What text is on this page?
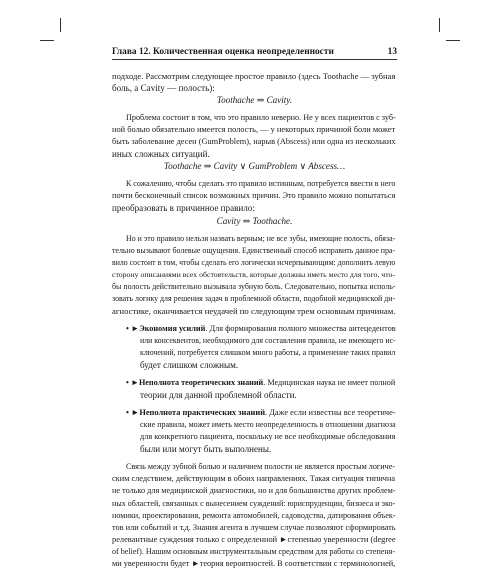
Глава 12. Количественная оценка неопределенности	13
подходе. Рассмотрим следующее простое правило (здесь Toothache — зубная
боль, а Cavity — полость):
Toothache ⇒ Cavity.
Проблема состоит в том, что это правило неверно. Не у всех пациентов с зуб-
ной болью обязательно имеется полость, — у некоторых причиной боли может
быть заболевание десен (GumProblem), нарыв (Abscess) или одна из нескольких
иных сложных ситуаций.
Toothache ⇒ Cavity ∨ GumProblem ∨ Abscess…
К сожалению, чтобы сделать это правило истинным, потребуется ввести в него
почти бесконечный список возможных причин. Это правило можно попытаться
преобразовать в причинное правило:
Cavity ⇒ Toothache.
Но и это правило нельзя назвать верным; не все зубы, имеющие полость, обяза-
тельно вызывают болевые ощущения. Единственный способ исправить данное пра-
вило состоит в том, чтобы сделать его логически исчерпывающим: дополнить левую
сторону описаниями всех обстоятельств, которые должны иметь место для того, что-
бы полость действительно вызывала зубную боль. Следовательно, попытка исполь-
зовать логику для решения задач в проблемной области, подобной медицинской ди-
агностике, оканчивается неудачей по следующим трем основным причинам.
• ►Экономия усилий. Для формирования полного множества антецедентов
или консеквентов, необходимого для составления правила, не имеющего ис-
ключений, потребуется слишком много работы, а применение таких правил
будет слишком сложным.
• ►Неполнота теоретических знаний. Медицинская наука не имеет полной
теории для данной проблемной области.
• ►Неполнота практических знаний. Даже если известны все теоретиче-
ские правила, может иметь место неопределенность в отношении диагноза
для конкретного пациента, поскольку не все необходимые обследования
были или могут быть выполнены.
Связь между зубной болью и наличием полости не является простым логиче-
ским следствием, действующим в обоих направлениях. Такая ситуация типична
не только для медицинской диагностики, но и для большинства других проблем-
ных областей, связанных с вынесением суждений: юриспруденции, бизнеса и эко-
номики, проектирования, ремонта автомобилей, садоводства, датирования объек-
тов или событий и т.д. Знания агента в лучшем случае позволяют сформировать
релевантные суждения только с определенной ►степенью уверенности (degree
of belief). Нашим основным инструментальным средством для работы со степеня-
ми уверенности будет ►теория вероятностей. В соответствии с терминологией,
